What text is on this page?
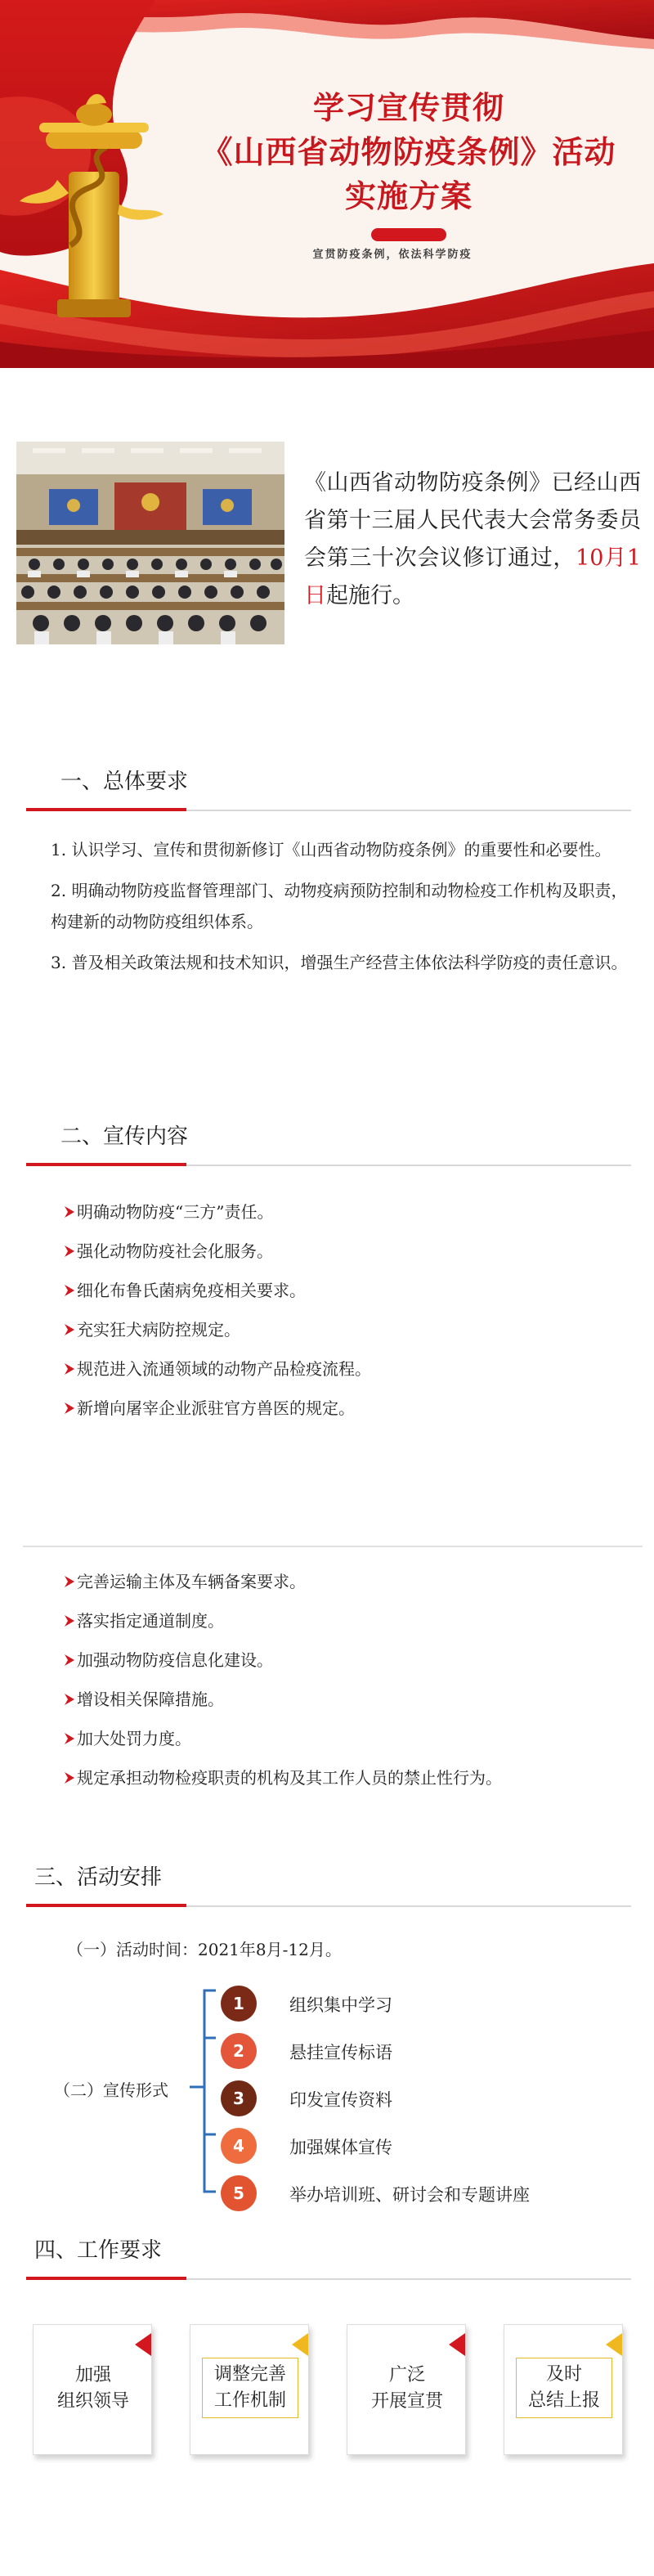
学习宣传贯彻
《山西省动物防疫条例》活动
实施方案
宣贯防疫条例，依法科学防疫

《山西省动物防疫条例》已经山西省第十三届人民代表大会常务委员会第三十次会议修订通过，10月1日起施行。

一、总体要求

1. 认识学习、宣传和贯彻新修订《山西省动物防疫条例》的重要性和必要性。

2. 明确动物防疫监督管理部门、动物疫病预防控制和动物检疫工作机构及职责，构建新的动物防疫组织体系。

3. 普及相关政策法规和技术知识，增强生产经营主体依法科学防疫的责任意识。

二、宣传内容
明确动物防疫“三方”责任。
强化动物防疫社会化服务。
细化布鲁氏菌病免疫相关要求。
充实狂犬病防控规定。
规范进入流通领域的动物产品检疫流程。
新增向屠宰企业派驻官方兽医的规定。
完善运输主体及车辆备案要求。
落实指定通道制度。
加强动物防疫信息化建设。
增设相关保障措施。
加大处罚力度。
规定承担动物检疫职责的机构及其工作人员的禁止性行为。
三、活动安排
（一）活动时间：2021年8月-12月。
（二）宣传形式
1	组织集中学习
2	悬挂宣传标语
3	印发宣传资料
4	加强媒体宣传
5	举办培训班、研讨会和专题讲座
四、工作要求
加强
组织领导
调整完善
工作机制
广泛
开展宣贯
及时
总结上报
